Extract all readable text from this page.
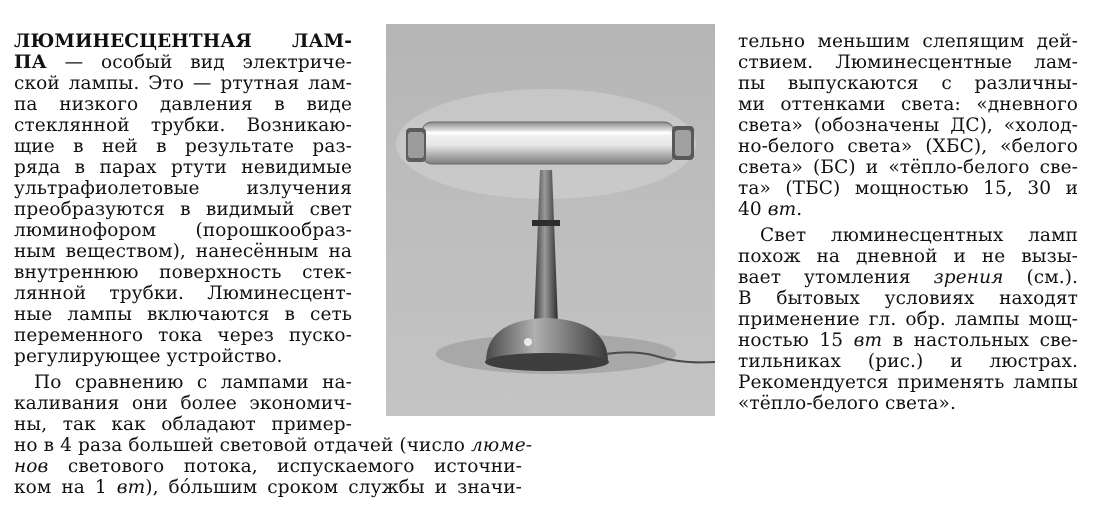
ЛЮМИНЕСЦЕНТНАЯ ЛАМ-
ПА — особый вид электриче-
ской лампы. Это — ртутная лам-
па низкого давления в виде
стеклянной трубки. Возникаю-
щие в ней в результате раз-
ряда в парах ртути невидимые
ультрафиолетовые излучения
преобразуются в видимый свет
люминофором (порошкообраз-
ным веществом), нанесённым на
внутреннюю поверхность стек-
лянной трубки. Люминесцент-
ные лампы включаются в сеть
переменного тока через пуско-
регулирующее устройство.
По сравнению с лампами на-
каливания они более экономич-
ны, так как обладают пример-
но в 4 раза большей световой отдачей (число люме-
нов светового потока, испускаемого источни-
ком на 1 вт), бóльшим сроком службы и значи-
тельно меньшим слепящим дей-
ствием. Люминесцентные лам-
пы выпускаются с различны-
ми оттенками света: «дневного
света» (обозначены ДС), «холод-
но-белого света» (ХБС), «белого
света» (БС) и «тёпло-белого све-
та» (ТБС) мощностью 15, 30 и
40 вт.
Свет люминесцентных ламп
похож на дневной и не вызы-
вает утомления зрения (см.).
В бытовых условиях находят
применение гл. обр. лампы мощ-
ностью 15 вт в настольных све-
тильниках (рис.) и люстрах.
Рекомендуется применять лампы
«тёпло-белого света».
